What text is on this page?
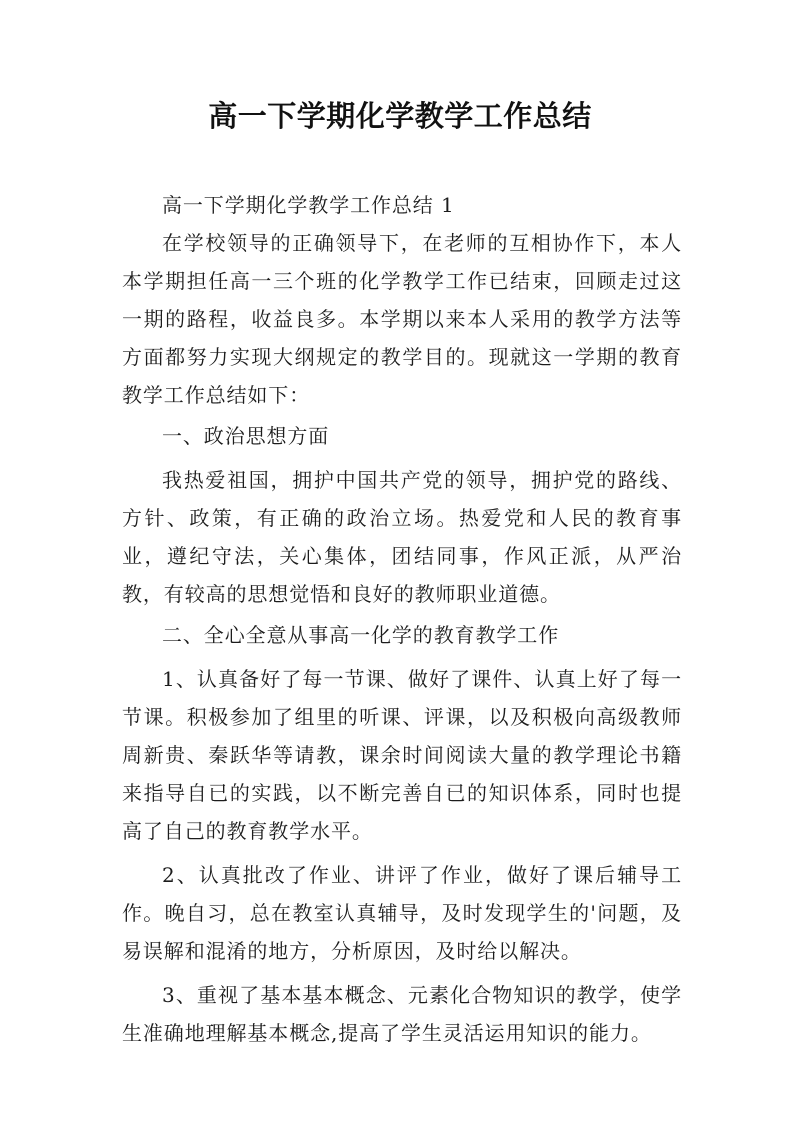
高一下学期化学教学工作总结

高一下学期化学教学工作总结 1

在学校领导的正确领导下，在老师的互相协作下，本人本学期担任高一三个班的化学教学工作已结束，回顾走过这一期的路程，收益良多。本学期以来本人采用的教学方法等方面都努力实现大纲规定的教学目的。现就这一学期的教育教学工作总结如下：

一、政治思想方面

我热爱祖国，拥护中国共产党的领导，拥护党的路线、方针、政策，有正确的政治立场。热爱党和人民的教育事业，遵纪守法，关心集体，团结同事，作风正派，从严治教，有较高的思想觉悟和良好的教师职业道德。

二、全心全意从事高一化学的教育教学工作

1、认真备好了每一节课、做好了课件、认真上好了每一节课。积极参加了组里的听课、评课，以及积极向高级教师周新贵、秦跃华等请教，课余时间阅读大量的教学理论书籍来指导自已的实践，以不断完善自已的知识体系，同时也提高了自己的教育教学水平。

2、认真批改了作业、讲评了作业，做好了课后辅导工作。晚自习，总在教室认真辅导，及时发现学生的'问题，及易误解和混淆的地方，分析原因，及时给以解决。

3、重视了基本基本概念、元素化合物知识的教学，使学生准确地理解基本概念,提高了学生灵活运用知识的能力。
